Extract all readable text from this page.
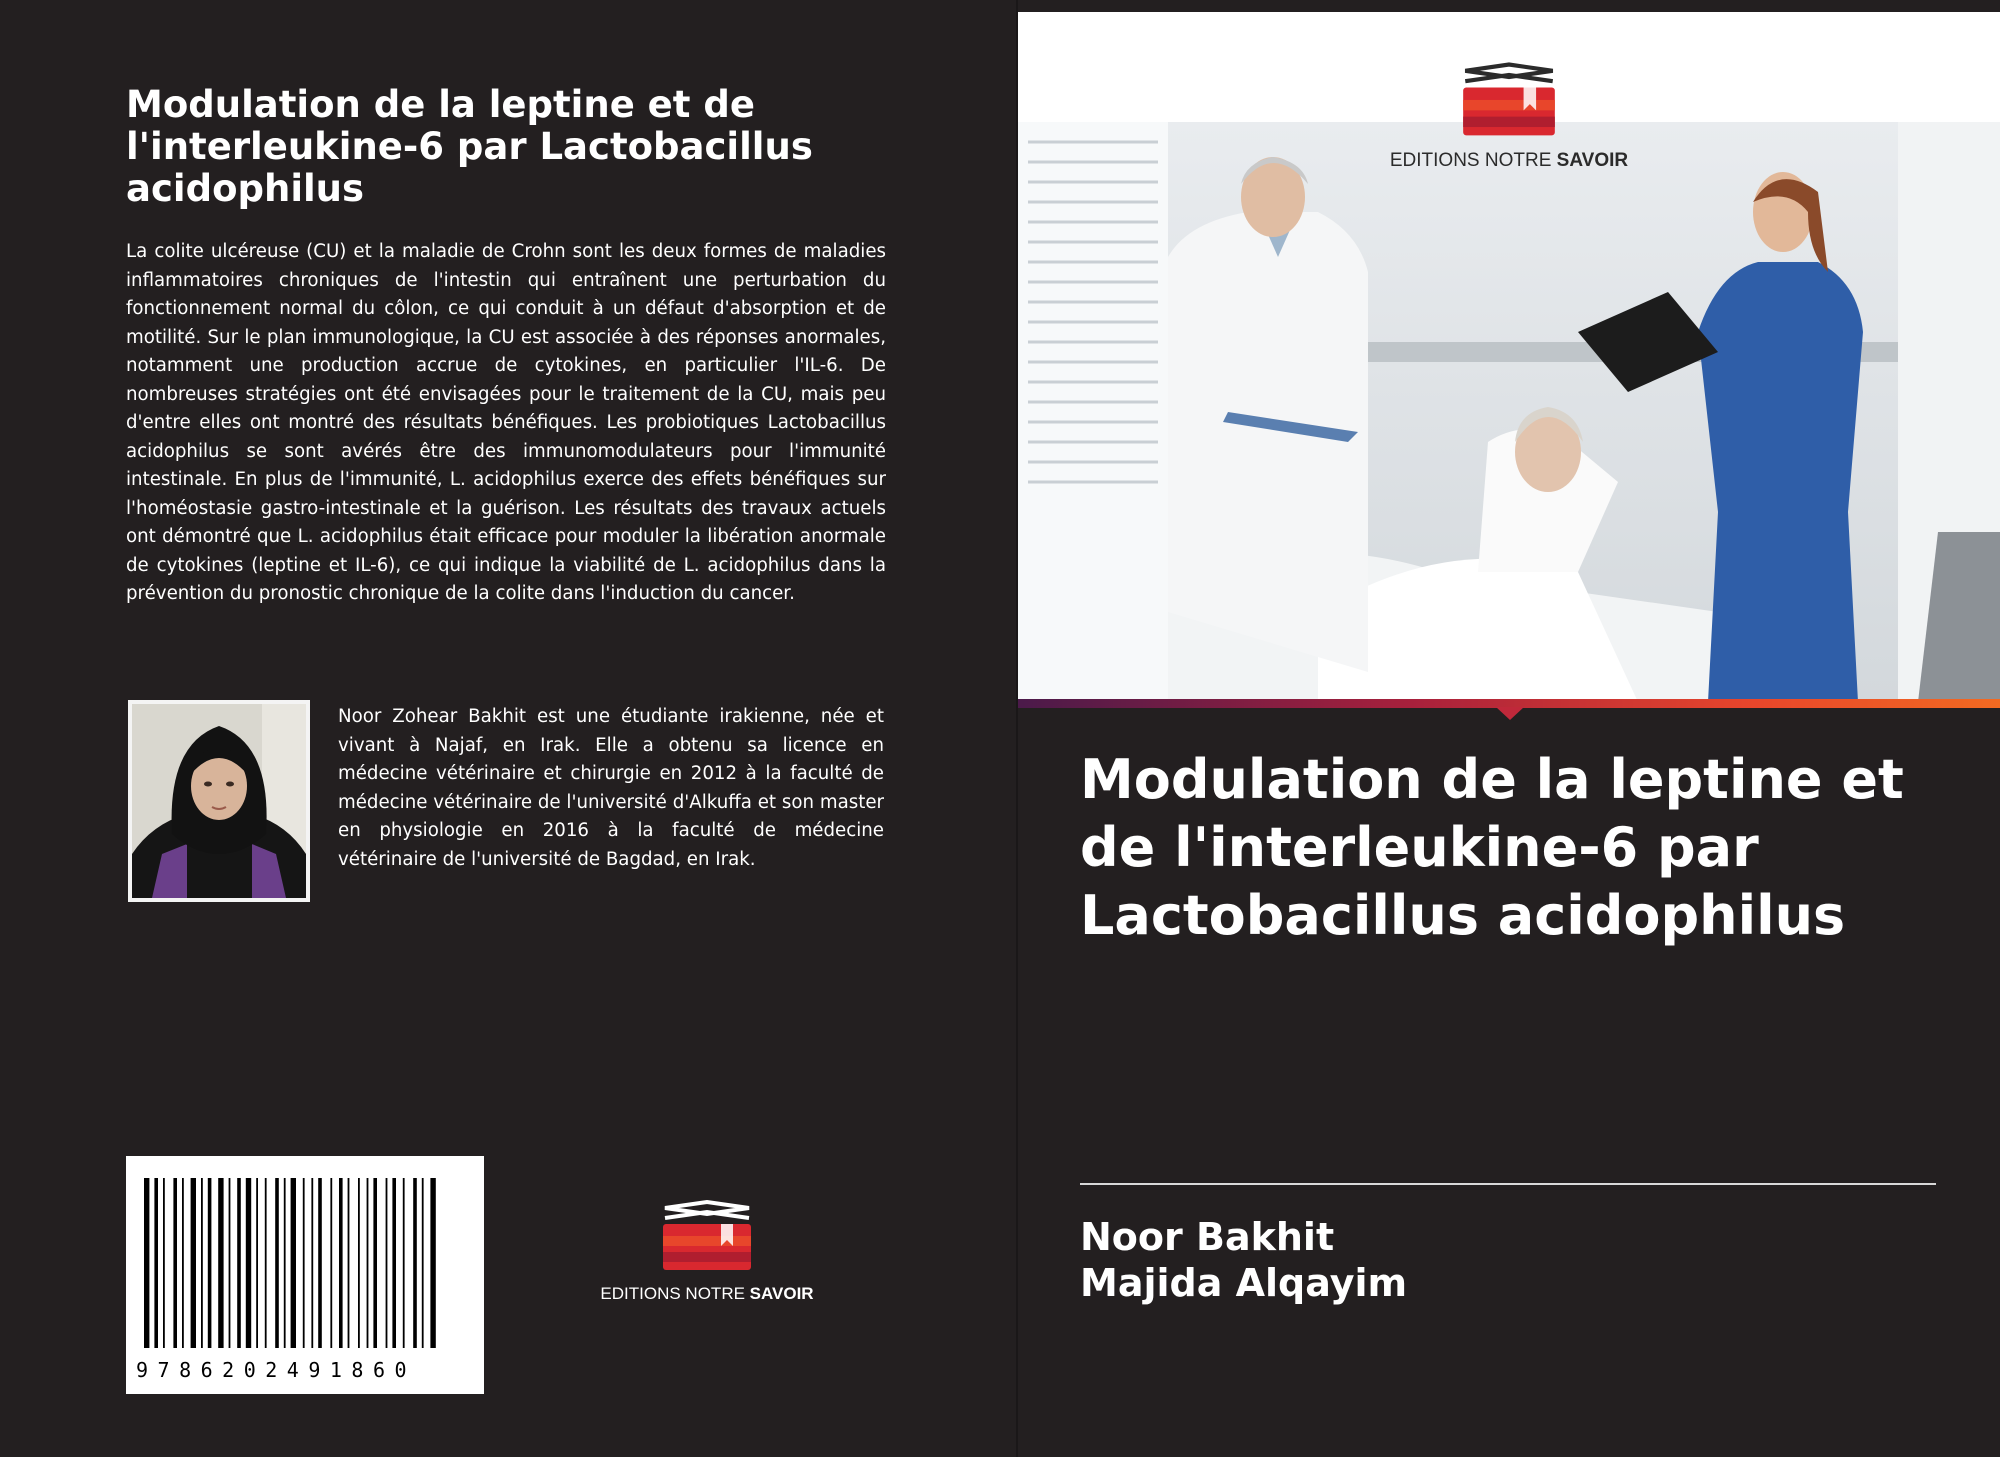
Modulation de la leptine et de l'interleukine-6 par Lactobacillus acidophilus

La colite ulcéreuse (CU) et la maladie de Crohn sont les deux formes de maladies inflammatoires chroniques de l'intestin qui entraînent une perturbation du fonctionnement normal du côlon, ce qui conduit à un défaut d'absorption et de motilité. Sur le plan immunologique, la CU est associée à des réponses anormales, notamment une production accrue de cytokines, en particulier l'IL-6. De nombreuses stratégies ont été envisagées pour le traitement de la CU, mais peu d'entre elles ont montré des résultats bénéfiques. Les probiotiques Lactobacillus acidophilus se sont avérés être des immunomodulateurs pour l'immunité intestinale. En plus de l'immunité, L. acidophilus exerce des effets bénéfiques sur l'homéostasie gastro-intestinale et la guérison. Les résultats des travaux actuels ont démontré que L. acidophilus était efficace pour moduler la libération anormale de cytokines (leptine et IL-6), ce qui indique la viabilité de L. acidophilus dans la prévention du pronostic chronique de la colite dans l'induction du cancer.

Noor Zohear Bakhit est une étudiante irakienne, née et vivant à Najaf, en Irak. Elle a obtenu sa licence en médecine vétérinaire et chirurgie en 2012 à la faculté de médecine vétérinaire de l'université d'Alkuffa et son master en physiologie en 2016 à la faculté de médecine vétérinaire de l'université de Bagdad, en Irak.

9786202491860
EDITIONS NOTRE SAVOIR
EDITIONS NOTRE SAVOIR
Modulation de la leptine et de l'interleukine-6 par Lactobacillus acidophilus
Noor Bakhit
Majida Alqayim
